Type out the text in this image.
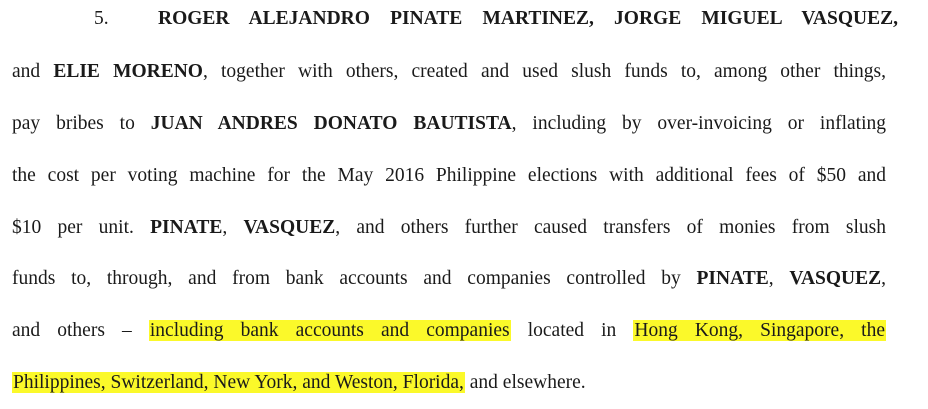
5.	ROGER ALEJANDRO PINATE MARTINEZ, JORGE MIGUEL VASQUEZ,
and ELIE MORENO, together with others, created and used slush funds to, among other things,
pay bribes to JUAN ANDRES DONATO BAUTISTA, including by over-invoicing or inflating
the cost per voting machine for the May 2016 Philippine elections with additional fees of $50 and
$10 per unit. PINATE, VASQUEZ, and others further caused transfers of monies from slush
funds to, through, and from bank accounts and companies controlled by PINATE, VASQUEZ,
and others – including bank accounts and companies located in Hong Kong, Singapore, the
Philippines, Switzerland, New York, and Weston, Florida, and elsewhere.
